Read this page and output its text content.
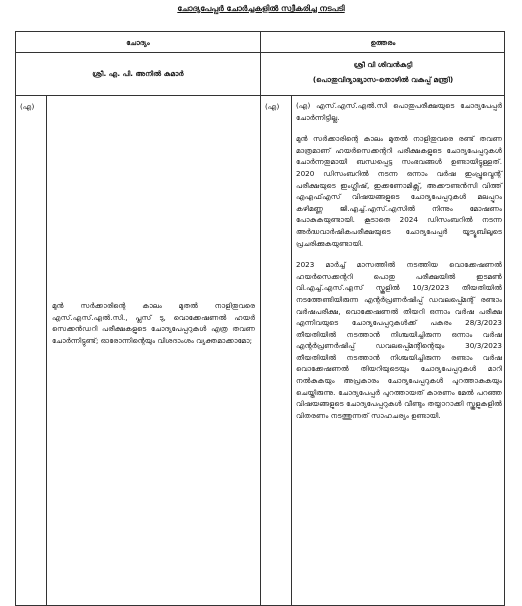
ചോദ്യപേപ്പർ ചോർച്ചകളിൽ സ്വീകരിച്ച നടപടി
ചോദ്യം	ഉത്തരം
ശ്രീ. എ. പി. അനിൽ കുമാർ
ശ്രീ വി ശിവൻകുട്ടി
(പൊതുവിദ്യാഭ്യാസ-തൊഴിൽ വകുപ്പ് മന്ത്രി)
(എ)	(എ)
മുൻ സർക്കാരിന്റെ കാലം മുതൽ നാളിതുവരെ എസ്.എസ്.എൽ.സി., പ്ലസ് ടു, വൊക്കേഷണൽ ഹയർ സെക്കൻഡറി പരീക്ഷകളുടെ ചോദ്യപേപ്പറുകൾ എത്ര തവണ ചോർന്നിട്ടുണ്ട്; ഓരോന്നിന്റെയും വിശദാംശം വ്യക്തമാക്കാമോ;

(എ) എസ്.എസ്.എൽ.സി പൊതുപരീക്ഷയുടെ ചോദ്യപേപ്പർ ചോർന്നിട്ടില്ല.

മുൻ സർക്കാരിന്റെ കാലം മുതൽ നാളിതുവരെ രണ്ട് തവണ മാത്രമാണ് ഹയർസെക്കന്ററി പരീക്ഷകളുടെ ചോദ്യപേപ്പറുകൾ ചോർന്നതുമായി ബന്ധപ്പെട്ട സംഭവങ്ങൾ ഉണ്ടായിട്ടുള്ളത്. 2020 ഡിസംബറിൽ നടന്ന ഒന്നാം വർഷ ഇംപ്രൂവ്മെന്റ് പരീക്ഷയുടെ ഇംഗ്ലീഷ്, ഇക്കണോമിക്സ്, അക്കൗണ്ടൻസി വിത്ത് എഎഫ്എസ് വിഷയങ്ങളുടെ ചോദ്യപേപ്പറുകൾ മലപ്പുറം കഴിമണ്ണ ജി.എച്ച്.എസ്.എസിൽ നിന്നും മോഷണം പോകുകയുണ്ടായി. കൂടാതെ 2024 ഡിസംബറിൽ നടന്ന അർദ്ധവാർഷികപരീക്ഷയുടെ ചോദ്യപേപ്പർ യൂട്യൂബിലൂടെ പ്രചരിക്കുകയുണ്ടായി.

2023 മാർച്ച് മാസത്തിൽ നടത്തിയ വൊക്കേഷണൽ ഹയർസെക്കന്ററി പൊതു പരീക്ഷയിൽ ഇടമൺ വി.എച്ച്.എസ്.എസ് സ്കൂളിൽ 10/3/2023 തീയതിയിൽ നടത്തേണ്ടിയിരുന്ന എന്റർപ്രണർഷിപ്പ് ഡവലപ്പ്മെന്റ് രണ്ടാം വർഷപരീക്ഷ, വൊക്കേഷണൽ തിയറി ഒന്നാം വർഷ പരീക്ഷ എന്നിവയുടെ ചോദ്യപേപ്പറുകൾക്ക് പകരം 28/3/2023 തീയതിയിൽ നടത്താൻ നിശ്ചയിച്ചിരുന്ന ഒന്നാം വർഷ എന്റർപ്രണർഷിപ്പ് ഡവലപ്പ്മെന്റിന്റെയും 30/3/2023 തീയതിയിൽ നടത്താൻ നിശ്ചയിച്ചിരുന്ന രണ്ടാം വർഷ വൊക്കേഷണൽ തിയറിയുടെയും ചോദ്യപേപ്പറുകൾ മാറി നൽകുകയും അപ്രകാരം ചോദ്യപേപ്പറുകൾ പുറത്താകുകയും ചെയ്തിരുന്നു. ചോദ്യപേപ്പർ പുറത്തായത് കാരണം മേൽ പറഞ്ഞ വിഷയങ്ങളുടെ ചോദ്യപേപ്പറുകൾ വീണ്ടും തയ്യാറാക്കി സ്കൂളുകളിൽ വിതരണം നടത്തുന്നത് സാഹചര്യം ഉണ്ടായി.
